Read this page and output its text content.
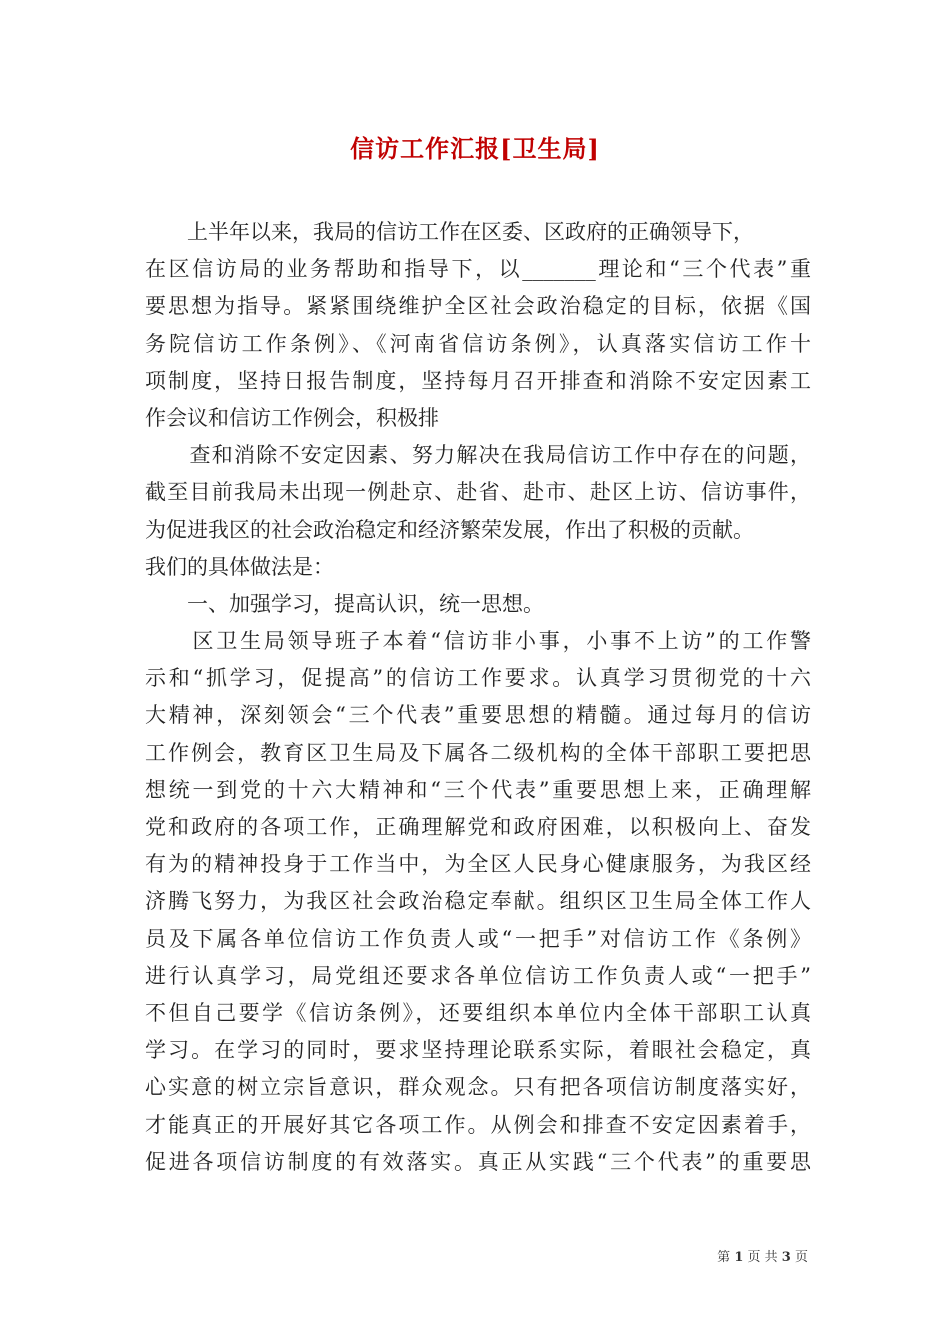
信访工作汇报[卫生局]
　　上半年以来，我局的信访工作在区委、区政府的正确领导下，
在区信访局的业务帮助和指导下，以_______理论和“三个代表”重
要思想为指导。紧紧围绕维护全区社会政治稳定的目标，依据《国
务院信访工作条例》、《河南省信访条例》，认真落实信访工作十
项制度，坚持日报告制度，坚持每月召开排查和消除不安定因素工
作会议和信访工作例会，积极排
　　查和消除不安定因素、努力解决在我局信访工作中存在的问题，
截至目前我局未出现一例赴京、赴省、赴市、赴区上访、信访事件，
为促进我区的社会政治稳定和经济繁荣发展，作出了积极的贡献。
我们的具体做法是：
　　一、加强学习，提高认识，统一思想。
　　区卫生局领导班子本着“信访非小事，小事不上访”的工作警
示和“抓学习，促提高”的信访工作要求。认真学习贯彻党的十六
大精神，深刻领会“三个代表”重要思想的精髓。通过每月的信访
工作例会，教育区卫生局及下属各二级机构的全体干部职工要把思
想统一到党的十六大精神和“三个代表”重要思想上来，正确理解
党和政府的各项工作，正确理解党和政府困难，以积极向上、奋发
有为的精神投身于工作当中，为全区人民身心健康服务，为我区经
济腾飞努力，为我区社会政治稳定奉献。组织区卫生局全体工作人
员及下属各单位信访工作负责人或“一把手”对信访工作《条例》
进行认真学习，局党组还要求各单位信访工作负责人或“一把手”
不但自己要学《信访条例》，还要组织本单位内全体干部职工认真
学习。在学习的同时，要求坚持理论联系实际，着眼社会稳定，真
心实意的树立宗旨意识，群众观念。只有把各项信访制度落实好，
才能真正的开展好其它各项工作。从例会和排查不安定因素着手，
促进各项信访制度的有效落实。真正从实践“三个代表”的重要思
第 1 页 共 3 页
